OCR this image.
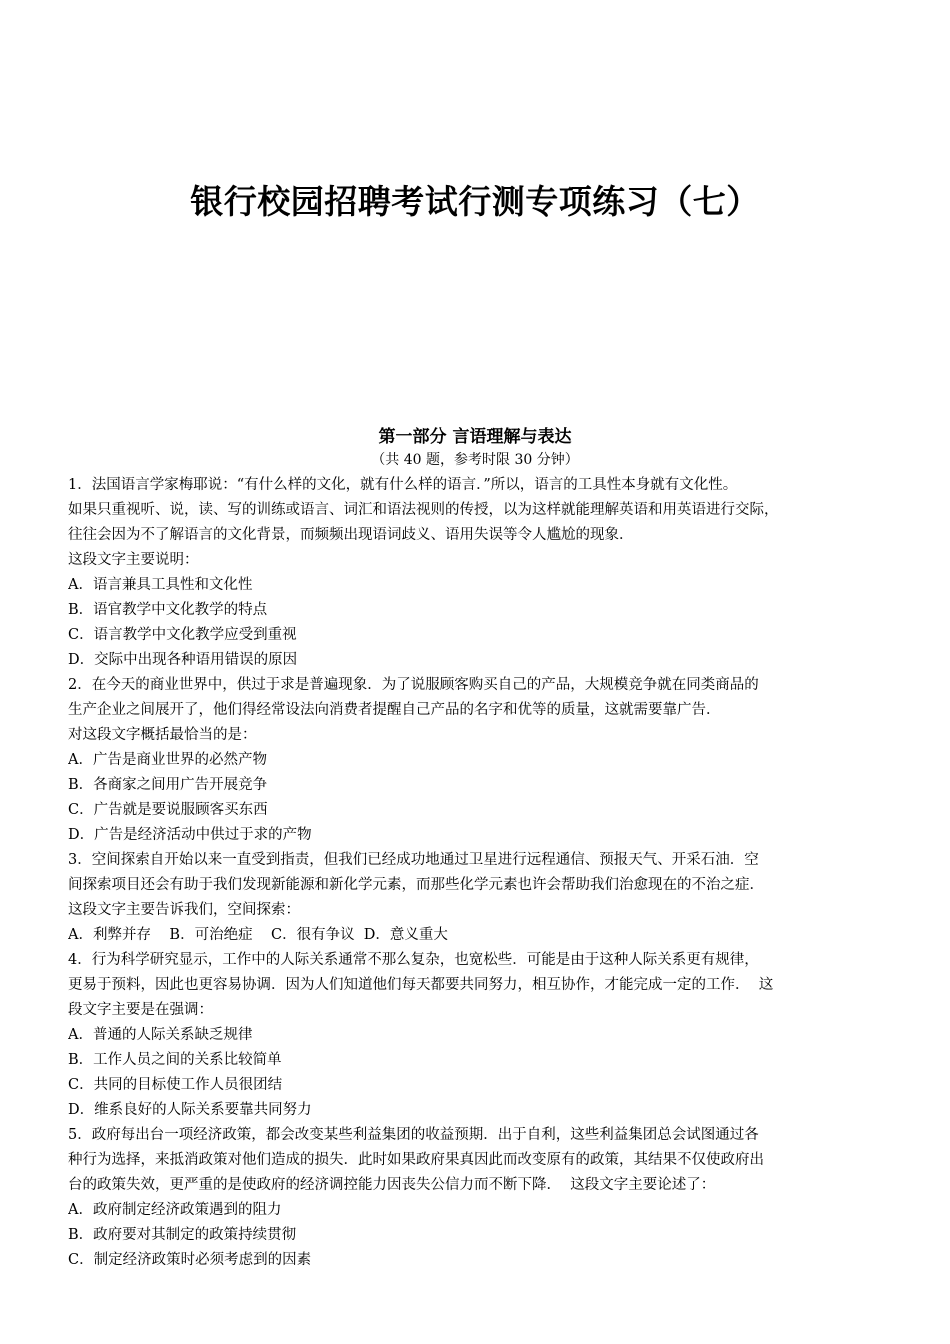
银行校园招聘考试行测专项练习（七）
第一部分 言语理解与表达
（共 40 题，参考时限 30 分钟）
1．法国语言学家梅耶说：“有什么样的文化，就有什么样的语言．”所以，语言的工具性本身就有文化性。
如果只重视听、说，读、写的训练或语言、词汇和语法视则的传授，以为这样就能理解英语和用英语进行交际，
往往会因为不了解语言的文化背景，而频频出现语词歧义、语用失误等令人尴尬的现象．
这段文字主要说明：
A．语言兼具工具性和文化性
B．语官教学中文化教学的特点
C．语言教学中文化教学应受到重视
D．交际中出现各种语用错误的原因
2．在今天的商业世界中，供过于求是普遍现象．为了说服顾客购买自己的产品，大规模竞争就在同类商品的
生产企业之间展开了，他们得经常设法向消费者提醒自己产品的名字和优等的质量，这就需要靠广告．
对这段文字概括最恰当的是：
A．广告是商业世界的必然产物
B．各商家之间用广告开展竞争
C．广告就是要说服顾客买东西
D．广告是经济活动中供过于求的产物
3．空间探索自开始以来一直受到指责，但我们已经成功地通过卫星进行远程通信、预报天气、开采石油．空
间探索项目还会有助于我们发现新能源和新化学元素，而那些化学元素也许会帮助我们治愈现在的不治之症．
这段文字主要告诉我们，空间探索：
A．利弊并存    B．可治绝症    C．很有争议  D．意义重大
4．行为科学研究显示，工作中的人际关系通常不那么复杂，也宽松些．可能是由于这种人际关系更有规律，
更易于预料，因此也更容易协调．因为人们知道他们每天都要共同努力，相互协作，才能完成一定的工作．  这
段文字主要是在强调：
A．普通的人际关系缺乏规律
B．工作人员之间的关系比较简单
C．共同的目标使工作人员很团结
D．维系良好的人际关系要靠共同努力
5．政府每出台一项经济政策，都会改变某些利益集团的收益预期．出于自利，这些利益集团总会试图通过各
种行为选择，来抵消政策对他们造成的损失．此时如果政府果真因此而改变原有的政策，其结果不仅使政府出
台的政策失效，更严重的是使政府的经济调控能力因丧失公信力而不断下降．  这段文字主要论述了：
A．政府制定经济政策遇到的阻力
B．政府要对其制定的政策持续贯彻
C．制定经济政策时必须考虑到的因素
